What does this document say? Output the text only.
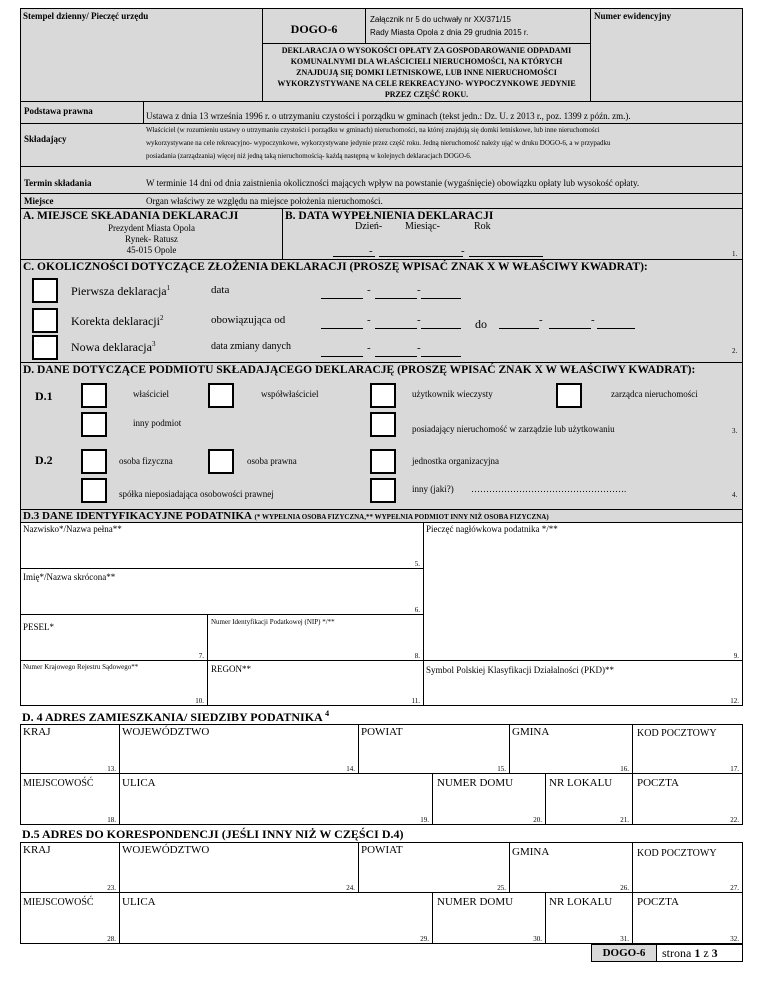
Stempel dzienny/ Pieczęć urzędu
DOGO-6
Załącznik nr 5 do uchwały nr XX/371/15
Rady Miasta Opola z dnia 29 grudnia 2015 r.
Numer ewidencyjny
DEKLARACJA O WYSOKOŚCI OPŁATY ZA GOSPODAROWANIE ODPADAMI
KOMUNALNYMI DLA WŁAŚCICIELI NIERUCHOMOŚCI, NA KTÓRYCH
ZNAJDUJĄ SIĘ DOMKI LETNISKOWE, LUB INNE NIERUCHOMOŚCI
WYKORZYSTYWANE NA CELE REKREACYJNO- WYPOCZYNKOWE JEDYNIE
PRZEZ CZĘŚĆ ROKU.
Podstawa prawna	Ustawa z dnia 13 września 1996 r. o utrzymaniu czystości i porządku w gminach (tekst jedn.: Dz. U. z 2013 r., poz. 1399 z późn. zm.).
Składający
Właściciel (w rozumieniu ustawy o utrzymaniu czystości i porządku w gminach) nieruchomości, na której znajdują się domki letniskowe, lub inne nieruchomości
wykorzystywane na cele rekreacyjno- wypoczynkowe, wykorzystywane jedynie przez część roku. Jedną nieruchomość należy ująć w druku DOGO-6, a w przypadku
posiadania (zarządzania) więcej niż jedną taką nieruchomością- każdą następną w kolejnych deklaracjach DOGO-6.
Termin składania	W terminie 14 dni od dnia zaistnienia okoliczności mających wpływ na powstanie (wygaśnięcie) obowiązku opłaty lub wysokość opłaty.
Miejsce	Organ właściwy ze względu na miejsce położenia nieruchomości.
A. MIEJSCE SKŁADANIA DEKLARACJI
Prezydent Miasta Opola
Rynek- Ratusz
45-015 Opole
B. DATA WYPEŁNIENIA DEKLARACJI
Dzień- Miesiąc-	Rok
-	-	1.
C. OKOLICZNOŚCI DOTYCZĄCE ZŁOŻENIA DEKLARACJI (PROSZĘ WPISAĆ ZNAK X W WŁAŚCIWY KWADRAT):
Pierwsza deklaracja$^1$	data	-	-
Korekta deklaracji$^2$	obowiązująca od	-	-	do	-	-
Nowa deklaracja$^3$	data zmiany danych	-	-	2.
D. DANE DOTYCZĄCE PODMIOTU SKŁADAJĄCEGO DEKLARACJĘ (PROSZĘ WPISAĆ ZNAK X W WŁAŚCIWY KWADRAT):
D.1	właściciel	współwłaściciel	użytkownik wieczysty	zarządca nieruchomości
inny podmiot
posiadający nieruchomość w zarządzie lub użytkowaniu	3.
D.2	osoba fizyczna	osoba prawna	jednostka organizacyjna
spółka nieposiadająca osobowości prawnej	inny (jaki?) …………………………………………….
4.
D.3 DANE IDENTYFIKACYJNE PODATNIKA (* WYPEŁNIA OSOBA FIZYCZNA,** WYPEŁNIA PODMIOT INNY NIŻ OSOBA FIZYCZNA)
Nazwisko*/Nazwa pełna**
5.
Pieczęć nagłówkowa podatnika */**
9.
Imię*/Nazwa skrócona**
6.
PESEL*
7.
Numer Identyfikacji Podatkowej (NIP) */**
8.
Numer Krajowego Rejestru Sądowego**
10.
REGON**
11.
Symbol Polskiej Klasyfikacji Działalności (PKD)**
12.
D. 4 ADRES ZAMIESZKANIA/ SIEDZIBY PODATNIKA $^4$
KRAJ
13.
WOJEWÓDZTWO
14.
POWIAT
15.
GMINA
16.
KOD POCZTOWY
17.
MIEJSCOWOŚĆ
18.
ULICA
19.
NUMER DOMU
20.
NR LOKALU
21.
POCZTA
22.
D.5 ADRES DO KORESPONDENCJI (JEŚLI INNY NIŻ W CZĘŚCI D.4)
KRAJ
23.
WOJEWÓDZTWO
24.
POWIAT
25.
GMINA
26.
KOD POCZTOWY
27.
MIEJSCOWOŚĆ
28.
ULICA
29.
NUMER DOMU
30.
NR LOKALU
31.
POCZTA
32.
DOGO-6	strona 1 z 3
